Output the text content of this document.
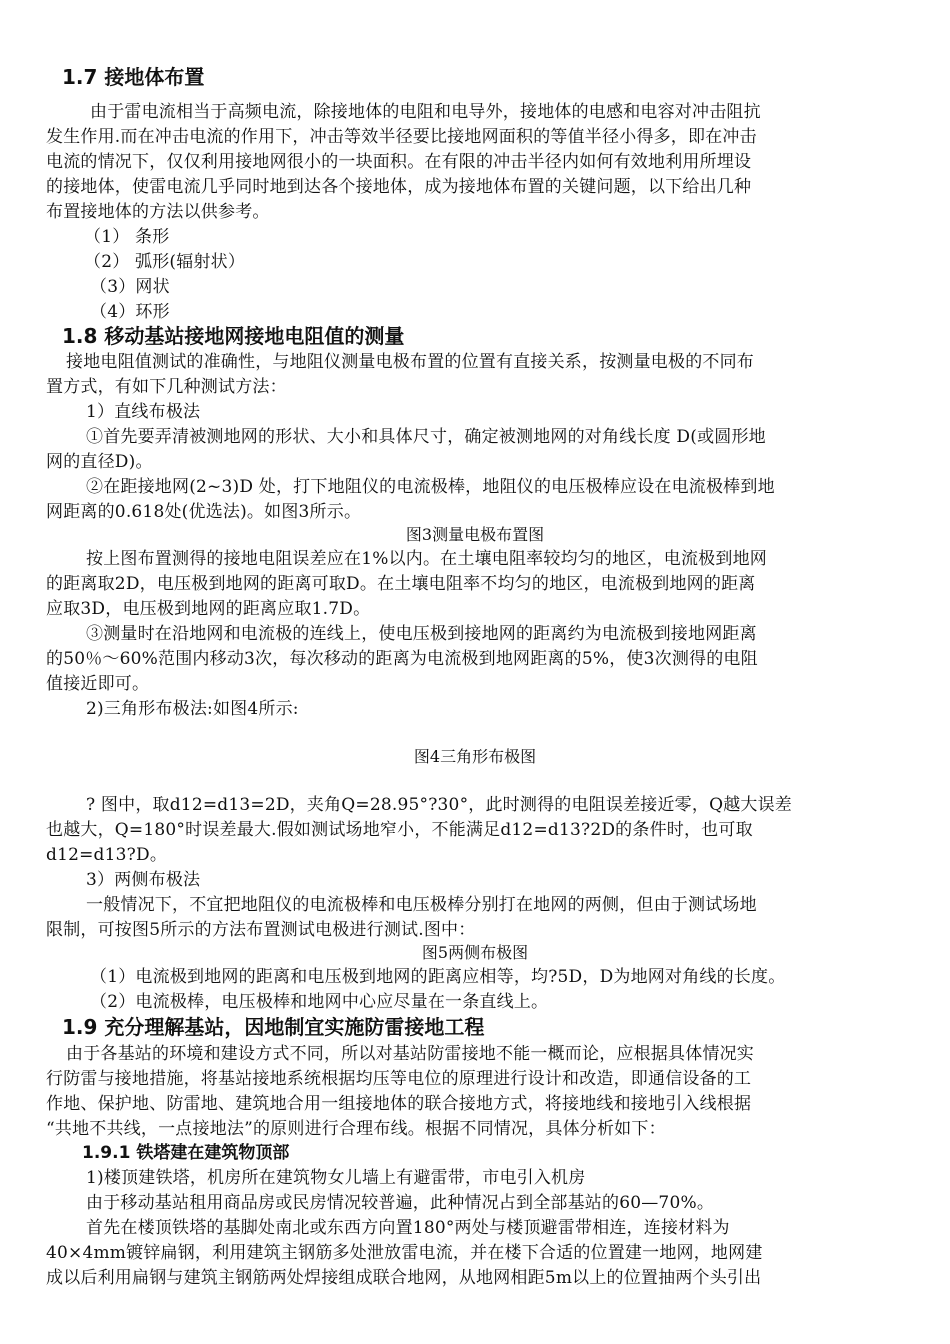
1.7 接地体布置
由于雷电流相当于高频电流，除接地体的电阻和电导外，接地体的电感和电容对冲击阻抗
发生作用.而在冲击电流的作用下，冲击等效半径要比接地网面积的等值半径小得多，即在冲击
电流的情况下，仅仅利用接地网很小的一块面积。在有限的冲击半径内如何有效地利用所埋设
的接地体，使雷电流几乎同时地到达各个接地体，成为接地体布置的关键问题，以下给出几种
布置接地体的方法以供参考。
（1） 条形
（2） 弧形(辐射状）
（3）网状
（4）环形
1.8 移动基站接地网接地电阻值的测量
接地电阻值测试的准确性，与地阻仪测量电极布置的位置有直接关系，按测量电极的不同布
置方式，有如下几种测试方法：
1）直线布极法
①首先要弄清被测地网的形状、大小和具体尺寸，确定被测地网的对角线长度 D(或圆形地
网的直径D)。
②在距接地网(2~3)D 处，打下地阻仪的电流极棒，地阻仪的电压极棒应设在电流极棒到地
网距离的0.618处(优选法)。如图3所示。
图3测量电极布置图
按上图布置测得的接地电阻误差应在1%以内。在土壤电阻率较均匀的地区，电流极到地网
的距离取2D，电压极到地网的距离可取D。在土壤电阻率不均匀的地区，电流极到地网的距离
应取3D，电压极到地网的距离应取1.7D。
③测量时在沿地网和电流极的连线上，使电压极到接地网的距离约为电流极到接地网距离
的50％～60%范围内移动3次，每次移动的距离为电流极到地网距离的5%，使3次测得的电阻
值接近即可。
2)三角形布极法:如图4所示:
图4三角形布极图
? 图中，取d12=d13=2D，夹角Q=28.95°?30°，此时测得的电阻误差接近零，Q越大误差
也越大，Q=180°时误差最大.假如测试场地窄小，不能满足d12=d13?2D的条件时，也可取
d12=d13?D。
3）两侧布极法
一般情况下，不宜把地阻仪的电流极棒和电压极棒分别打在地网的两侧，但由于测试场地
限制，可按图5所示的方法布置测试电极进行测试.图中：
图5两侧布极图
（1）电流极到地网的距离和电压极到地网的距离应相等，均?5D，D为地网对角线的长度。
（2）电流极棒，电压极棒和地网中心应尽量在一条直线上。
1.9 充分理解基站，因地制宜实施防雷接地工程
由于各基站的环境和建设方式不同，所以对基站防雷接地不能一概而论，应根据具体情况实
行防雷与接地措施，将基站接地系统根据均压等电位的原理进行设计和改造，即通信设备的工
作地、保护地、防雷地、建筑地合用一组接地体的联合接地方式，将接地线和接地引入线根据
“共地不共线，一点接地法”的原则进行合理布线。根据不同情况，具体分析如下：
1.9.1 铁塔建在建筑物顶部
1)楼顶建铁塔，机房所在建筑物女儿墙上有避雷带，市电引入机房
由于移动基站租用商品房或民房情况较普遍，此种情况占到全部基站的60—70%。
首先在楼顶铁塔的基脚处南北或东西方向置180°两处与楼顶避雷带相连，连接材料为
40×4mm镀锌扁钢，利用建筑主钢筋多处泄放雷电流，并在楼下合适的位置建一地网，地网建
成以后利用扁钢与建筑主钢筋两处焊接组成联合地网，从地网相距5m以上的位置抽两个头引出
